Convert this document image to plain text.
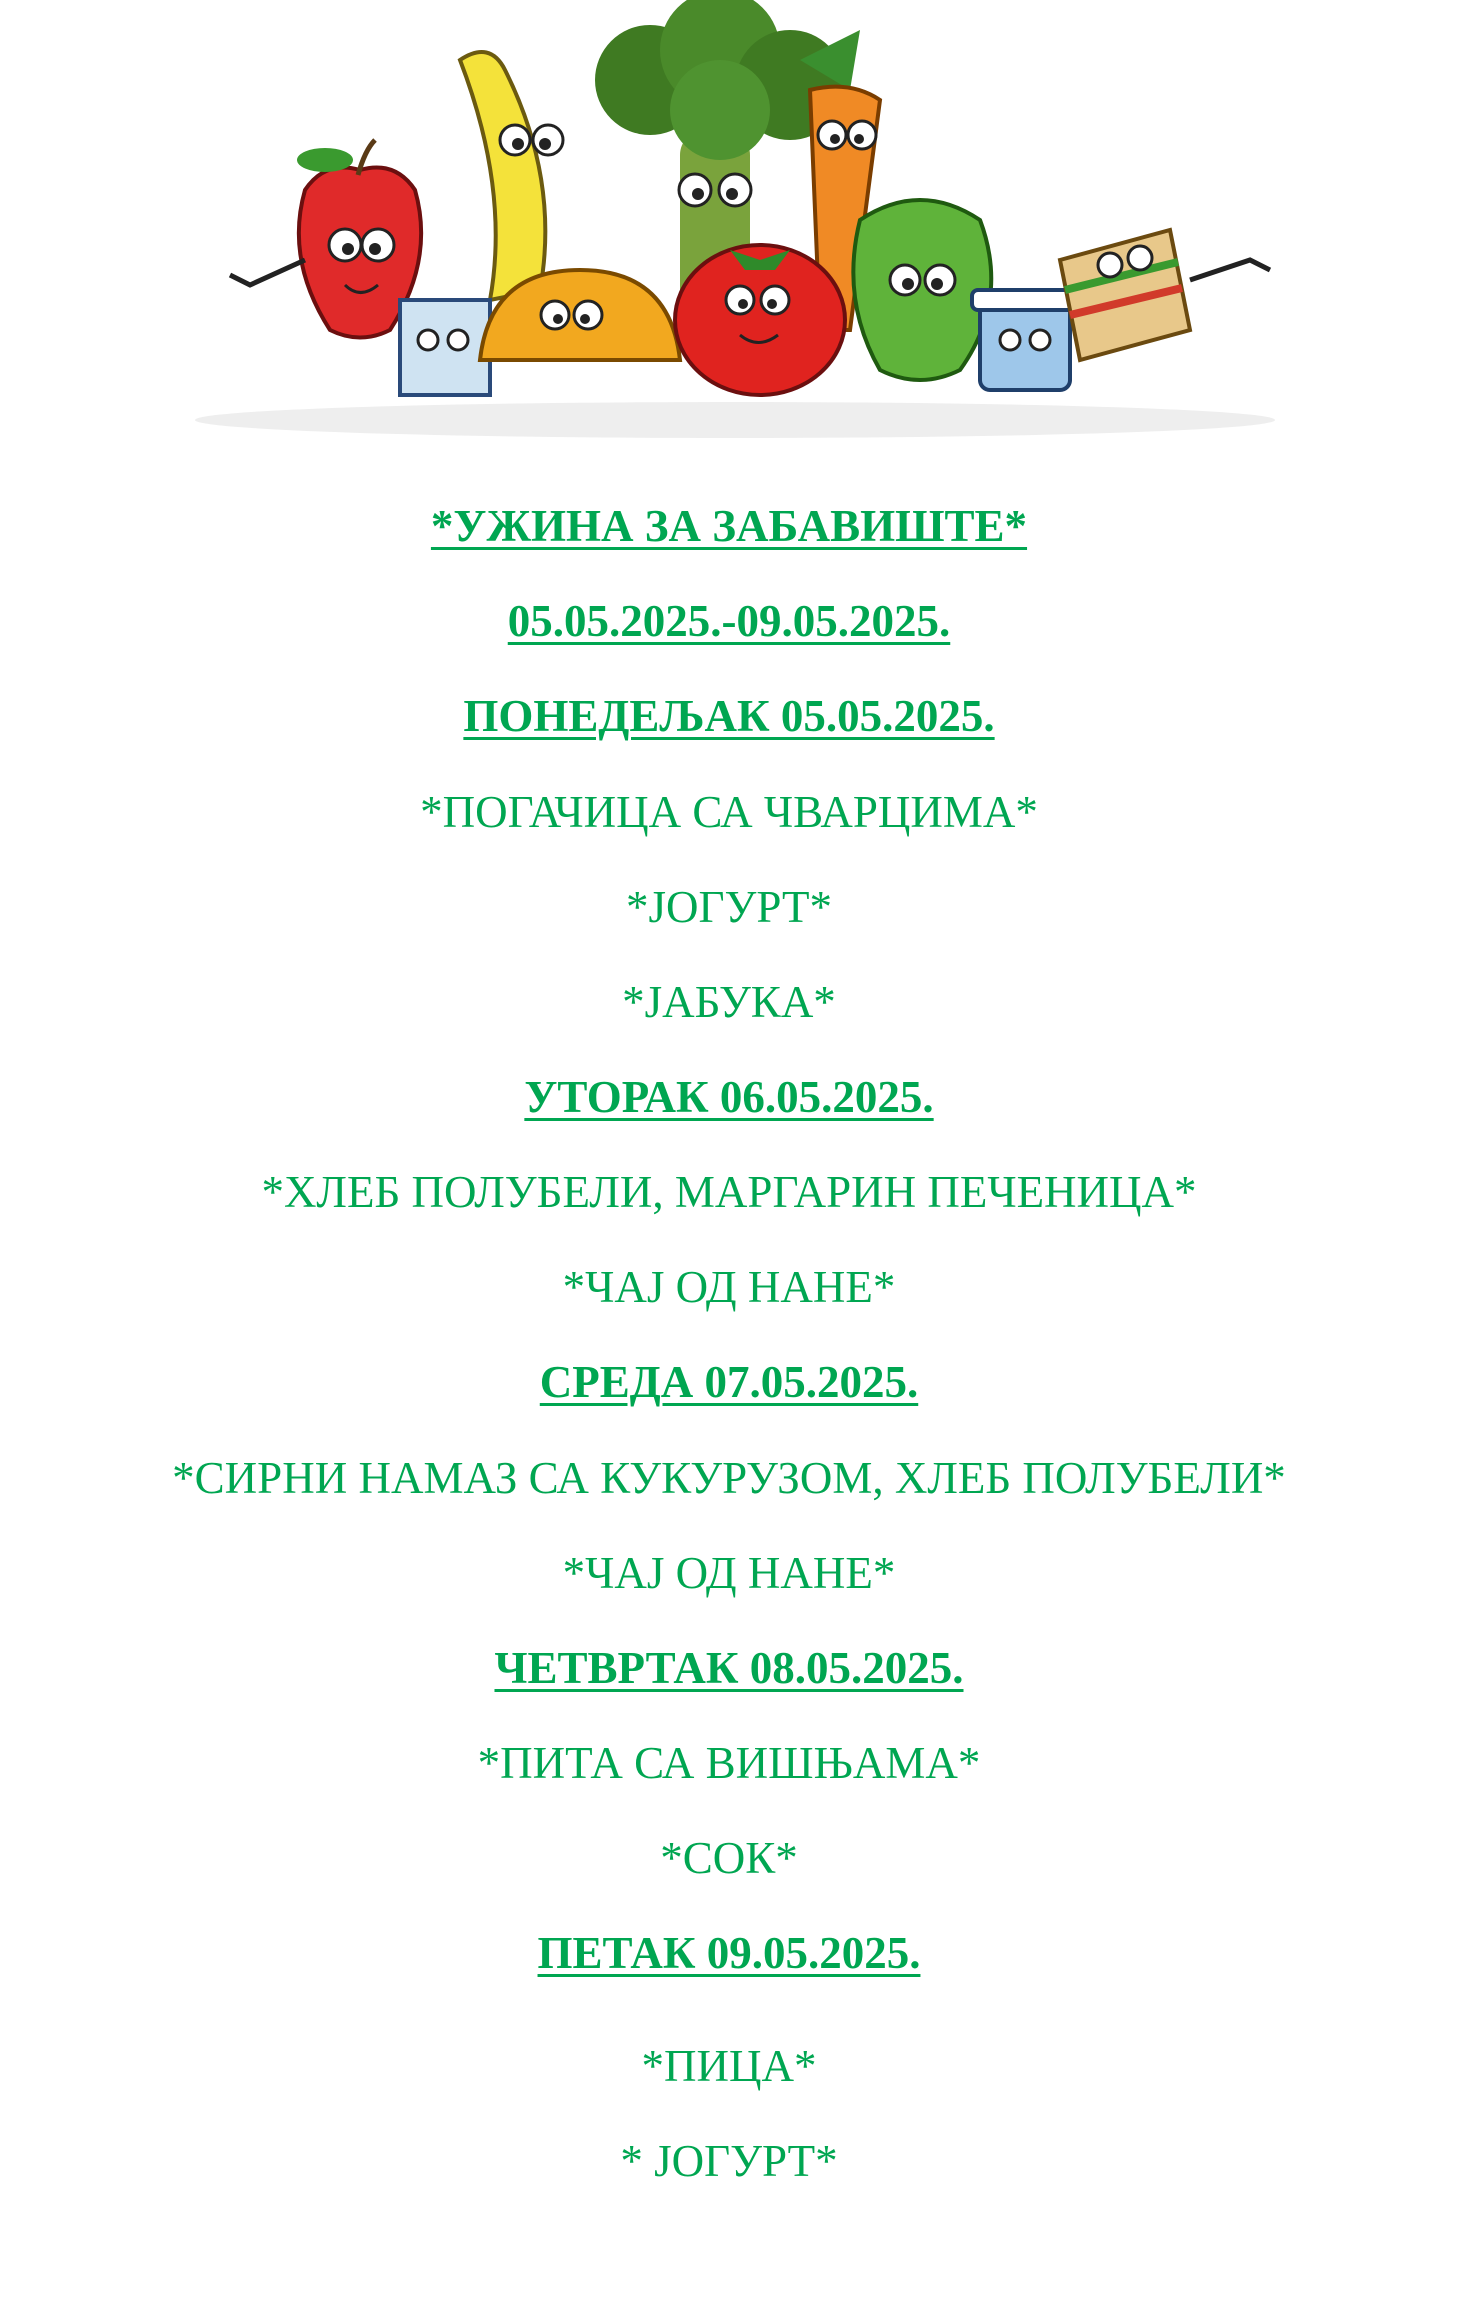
*УЖИНА ЗА ЗАБАВИШТЕ*
05.05.2025.-09.05.2025.
ПОНЕДЕЉАК 05.05.2025.
*ПОГАЧИЦА СА ЧВАРЦИМА*
*ЈОГУРТ*
*ЈАБУКА*
УТОРАК 06.05.2025.
*ХЛЕБ ПОЛУБЕЛИ, МАРГАРИН ПЕЧЕНИЦА*
*ЧАЈ ОД НАНЕ*
СРЕДА 07.05.2025.
*СИРНИ НАМАЗ СА КУКУРУЗОМ, ХЛЕБ ПОЛУБЕЛИ*
*ЧАЈ ОД НАНЕ*
ЧЕТВРТАК 08.05.2025.
*ПИТА СА ВИШЊАМА*
*СОК*
ПЕТАК 09.05.2025.
*ПИЦА*
* ЈОГУРТ*
